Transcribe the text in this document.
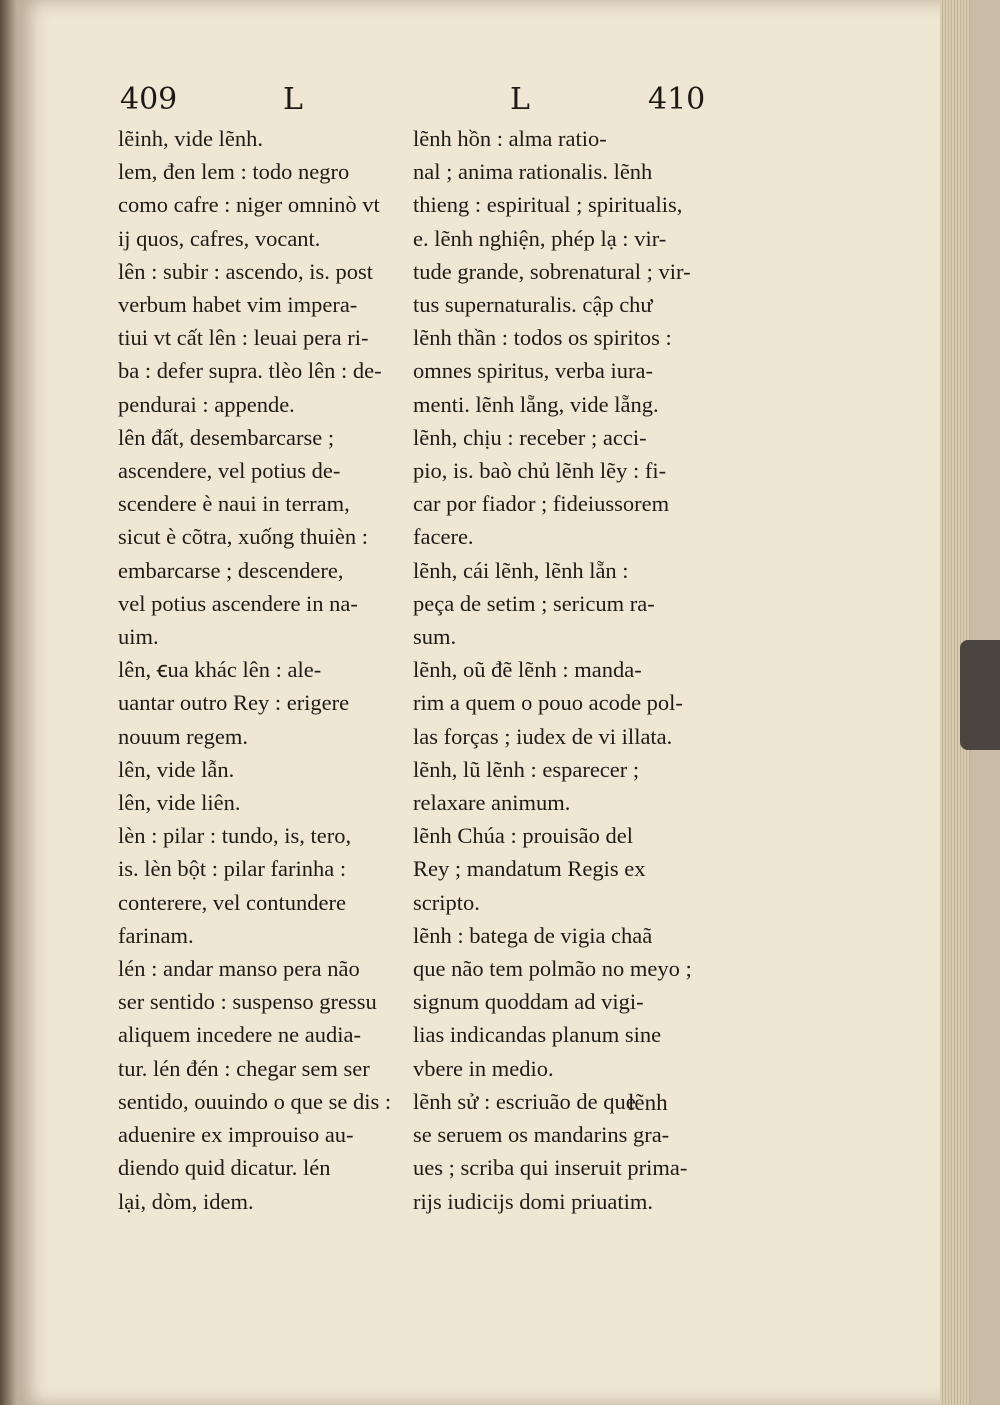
409	L	L	410
lẽinh, vide lẽnh.
lem, đen lem : todo negro
como cafre : niger omninò vt
ij quos, cafres, vocant.
lên : subir : ascendo, is. post
verbum habet vim impera-
tiui vt cất lên : leuai pera ri-
ba : defer supra. tlèo lên : de-
pendurai : appende.
lên đất, desembarcarse ;
ascendere, vel potius de-
scendere è naui in terram,
sicut è cõtra, xuống thuièn :
embarcarse ; descendere,
vel potius ascendere in na-
uim.
lên, ꞓua khác lên : ale-
uantar outro Rey : erigere
nouum regem.
lên, vide lẫn.
lên, vide liên.
lèn : pilar : tundo, is, tero,
is. lèn bột : pilar farinha :
conterere, vel contundere
farinam.
lén : andar manso pera não
ser sentido : suspenso gressu
aliquem incedere ne audia-
tur. lén đén : chegar sem ser
sentido, ouuindo o que se dis :
aduenire ex improuiso au-
diendo quid dicatur. lén
lại, dòm, idem.
lẽnh hồn : alma ratio-
nal ; anima rationalis. lẽnh
thieng : espiritual ; spiritualis,
e. lẽnh nghiện, phép lạ : vir-
tude grande, sobrenatural ; vir-
tus supernaturalis. cập chư
lẽnh thần : todos os spiritos :
omnes spiritus, verba iura-
menti. lẽnh lẵng, vide lẵng.
lẽnh, chịu : receber ; acci-
pio, is. baò chủ lẽnh lẽy : fi-
car por fiador ; fideiussorem
facere.
lẽnh, cái lẽnh, lẽnh lẵn :
peça de setim ; sericum ra-
sum.
lẽnh, oũ đẽ lẽnh : manda-
rim a quem o pouo acode pol-
las forças ; iudex de vi illata.
lẽnh, lũ lẽnh : esparecer ;
relaxare animum.
lẽnh Chúa : prouisão del
Rey ; mandatum Regis ex
scripto.
lẽnh : batega de vigia chaã
que não tem polmão no meyo ;
signum quoddam ad vigi-
lias indicandas planum sine
vbere in medio.
lẽnh sử : escriuão de que
se seruem os mandarins gra-
ues ; scriba qui inseruit prima-
rijs iudicijs domi priuatim.
lẽnh
